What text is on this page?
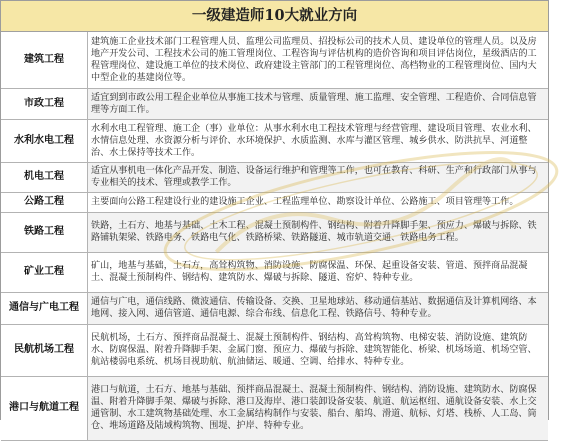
一级建造师10大就业方向
建筑工程	建筑施工企业技术部门工程管理人员、监理公司监理员、招投标公司的技术人员、建设单位的管理人员。以及房地产开发公司、工程技术公司的施工管理岗位、工程咨询与评估机构的造价咨询和项目评估岗位，星级酒店的工程管理岗位、建设施工单位的技术岗位、政府建设主管部门的工程管理岗位、高档物业的工程管理岗位、国内大中型企业的基建岗位等。
市政工程	适宜到到市政公用工程企业单位从事施工技术与管理、质量管理、施工监理、安全管理、工程造价、合同信息管理等方面工作。
水利水电工程	水利水电工程管理、施工企（事）业单位：从事水利水电工程技术管理与经营管理、建设项目管理、农业水利、水情信息处理、水资源分析与评价、水环境保护、水质监测、水库与灌区管理、城乡供水、防洪抗旱、河道整治、水土保持等技术工作。
机电工程	适宜从事机电一体化产品开发、制造、设备运行维护和管理等工作，也可在教育、科研、生产和行政部门从事与专业相关的技术、管理或教学工作。
公路工程	主要面向公路工程建设行业的建设施工企业、工程监理单位、勘察设计单位、公路施工、项目管理等工作。
铁路工程	铁路，土石方、地基与基础、土木工程、混凝土预制构件、钢结构、附着升降脚手架、预应力、爆破与拆除、铁路铺轨架梁、铁路电务、铁路电气化、铁路桥梁、铁路隧道、城市轨道交通、铁路电务工程。
矿业工程	矿山，地基与基础，土石方，高耸构筑物、消防设施、防腐保温、环保、起重设备安装、管道、预拌商品混凝土、混凝土预制构件、钢结构、建筑防水、爆破与拆除、隧道、窑炉、特种专业。
通信与广电工程	通信与广电，通信线路、微波通信、传输设备、交换、卫星地球站、移动通信基站、数据通信及计算机网络、本地网、接入网、通信管道、通信电源、综合布线、信息化工程、铁路信号、特种专业。
民航机场工程	民航机场，土石方、预拌商品混凝土、混凝土预制构件、钢结构、高耸构筑物、电梯安装、消防设施、建筑防水、防腐保温、附着升降脚手架、金属门窗、预应力、爆破与拆除、建筑智能化、桥梁、机场场道、机场空管、航站楼弱电系统、机场目视助航、航油储运、暖通、空调、给排水、特种专业。
港口与航道工程	港口与航道，土石方、地基与基础、预拌商品混凝土、混凝土预制构件、钢结构、消防设施、建筑防水、防腐保温、附着升降脚手架、爆破与拆除、港口及海岸、港口装卸设备安装、航道、航运枢纽、通航设备安装、水上交通管制、水工建筑物基础处理、水工金属结构制作与安装、船台、船坞、滑道、航标、灯塔、栈桥、人工岛、筒仓、堆场道路及陆域构筑物、围堤、护岸、特种专业。
